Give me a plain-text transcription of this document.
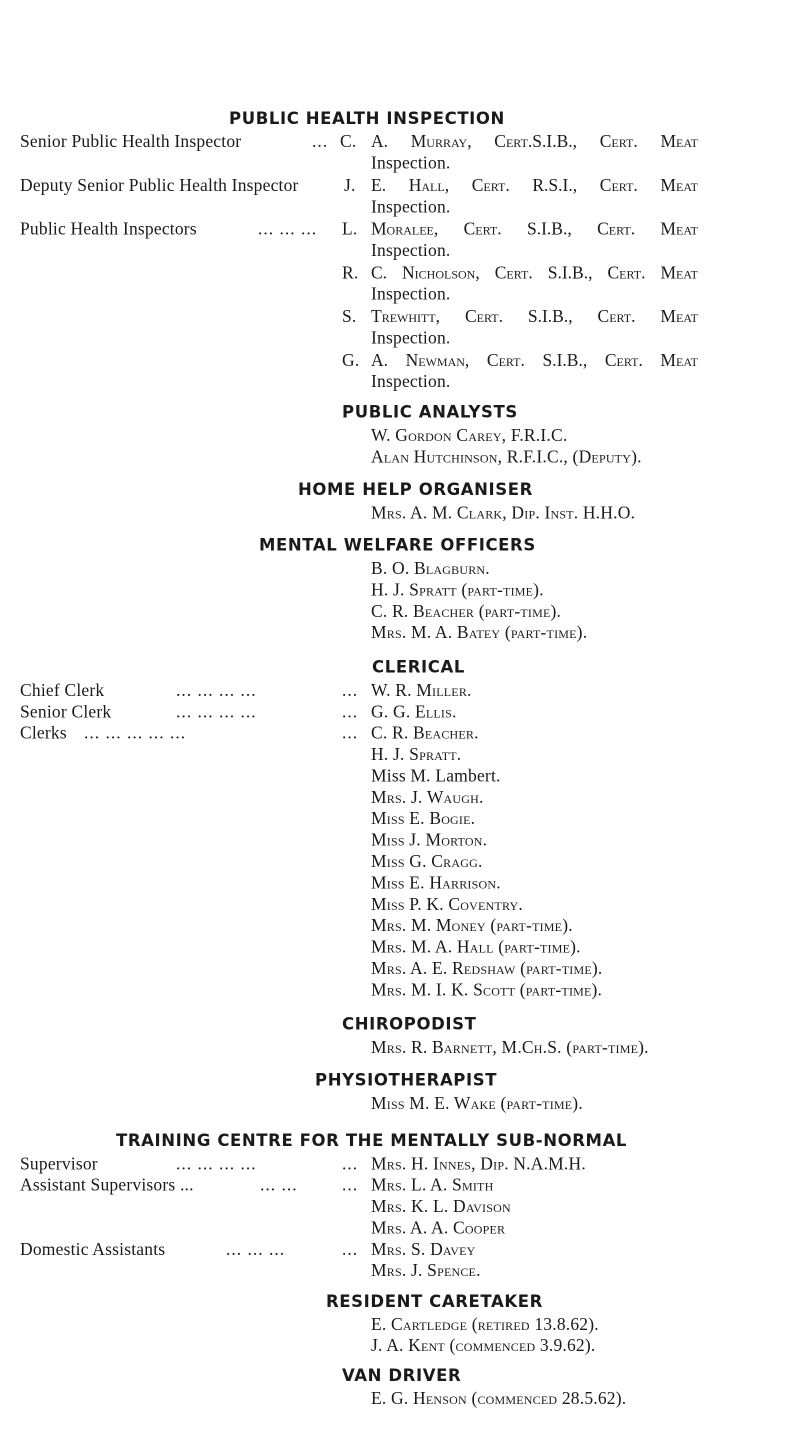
PUBLIC HEALTH INSPECTION
Senior Public Health Inspector	... C. A. Murray, Cert.S.I.B., Cert. Meat
Inspection.
Deputy Senior Public Health Inspector	J. E. Hall, Cert. R.S.I., Cert. Meat
Inspection.
Public Health Inspectors	... ... ... L. Moralee, Cert. S.I.B., Cert. Meat
Inspection.
R. C. Nicholson, Cert. S.I.B., Cert. Meat
Inspection.
S. Trewhitt, Cert. S.I.B., Cert. Meat
Inspection.
G. A. Newman, Cert. S.I.B., Cert. Meat
Inspection.
PUBLIC ANALYSTS
W. Gordon Carey, F.R.I.C.
Alan Hutchinson, R.F.I.C., (Deputy).
HOME HELP ORGANISER
Mrs. A. M. Clark, Dip. Inst. H.H.O.
MENTAL WELFARE OFFICERS
B. O. Blagburn.
H. J. Spratt (part-time).
C. R. Beacher (part-time).
Mrs. M. A. Batey (part-time).
CLERICAL
Chief Clerk	... ... ... ...	... W. R. Miller.
Senior Clerk	... ... ... ...	... G. G. Ellis.
Clerks ... ... ... ... ...	... C. R. Beacher.
H. J. Spratt.
Miss M. Lambert.
Mrs. J. Waugh.
Miss E. Bogie.
Miss J. Morton.
Miss G. Cragg.
Miss E. Harrison.
Miss P. K. Coventry.
Mrs. M. Money (part-time).
Mrs. M. A. Hall (part-time).
Mrs. A. E. Redshaw (part-time).
Mrs. M. I. K. Scott (part-time).
CHIROPODIST
Mrs. R. Barnett, M.Ch.S. (part-time).
PHYSIOTHERAPIST
Miss M. E. Wake (part-time).
TRAINING CENTRE FOR THE MENTALLY SUB-NORMAL
Supervisor	... ... ... ...	... Mrs. H. Innes, Dip. N.A.M.H.
Assistant Supervisors ...	... ...	... Mrs. L. A. Smith
Mrs. K. L. Davison
Mrs. A. A. Cooper
Domestic Assistants	... ... ...	... Mrs. S. Davey
Mrs. J. Spence.
RESIDENT CARETAKER
E. Cartledge (retired 13.8.62).
J. A. Kent (commenced 3.9.62).
VAN DRIVER
E. G. Henson (commenced 28.5.62).
